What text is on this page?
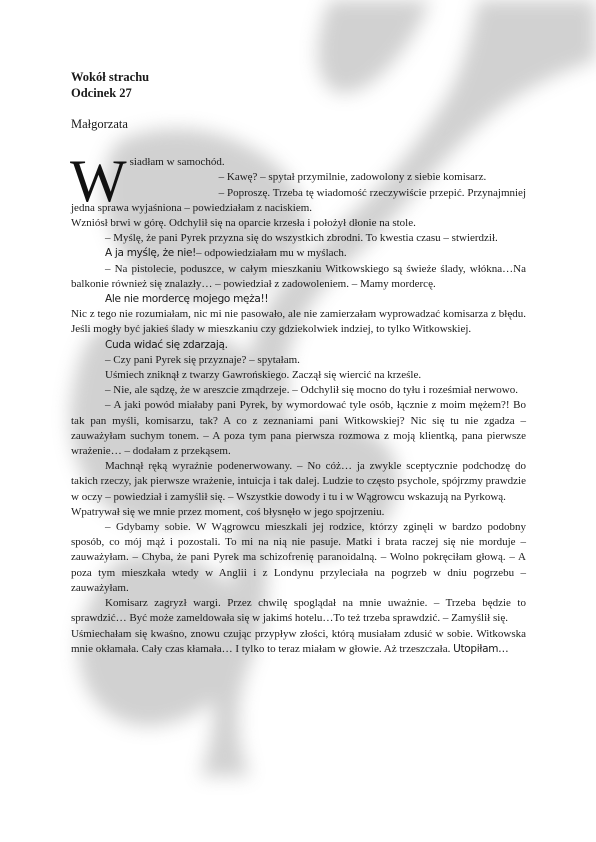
Wokół strachu
Odcinek 27
Małgorzata

Wsiadłam w samochód.

– Kawę? – spytał przymilnie, zadowolony z siebie komisarz.

– Poproszę. Trzeba tę wiadomość rzeczywiście przepić. Przynajmniej jedna sprawa wyjaśniona – powiedziałam z naciskiem.

Wzniósł brwi w górę. Odchylił się na oparcie krzesła i położył dłonie na stole.

– Myślę, że pani Pyrek przyzna się do wszystkich zbrodni. To kwestia czasu – stwierdził.

A ja myślę, że nie!– odpowiedziałam mu w myślach.

– Na pistolecie, poduszce, w całym mieszkaniu Witkowskiego są świeże ślady, włókna…Na balkonie również się znalazły… – powiedział z zadowoleniem. – Mamy mordercę.

Ale nie mordercę mojego męża!!

Nic z tego nie rozumiałam, nic mi nie pasowało, ale nie zamierzałam wyprowadzać komisarza z błędu. Jeśli mogły być jakieś ślady w mieszkaniu czy gdziekolwiek indziej, to tylko Witkowskiej.

Cuda widać się zdarzają.

– Czy pani Pyrek się przyznaje? – spytałam.

Uśmiech zniknął z twarzy Gawrońskiego. Zaczął się wiercić na krześle.

– Nie, ale sądzę, że w areszcie zmądrzeje. – Odchylił się mocno do tyłu i roześmiał nerwowo.

– A jaki powód miałaby pani Pyrek, by wymordować tyle osób, łącznie z moim mężem?! Bo tak pan myśli, komisarzu, tak? A co z zeznaniami pani Witkowskiej? Nic się tu nie zgadza – zauważyłam suchym tonem. – A poza tym pana pierwsza rozmowa z moją klientką, pana pierwsze wrażenie… – dodałam z przekąsem.

Machnął ręką wyraźnie podenerwowany. – No cóż… ja zwykle sceptycznie podchodzę do takich rzeczy, jak pierwsze wrażenie, intuicja i tak dalej. Ludzie to często psychole, spójrzmy prawdzie w oczy – powiedział i zamyślił się. – Wszystkie dowody i tu i w Wągrowcu wskazują na Pyrkową.

Wpatrywał się we mnie przez moment, coś błysnęło w jego spojrzeniu.

– Gdybamy sobie. W Wągrowcu mieszkali jej rodzice, którzy zginęli w bardzo podobny sposób, co mój mąż i pozostali. To mi na nią nie pasuje. Matki i brata raczej się nie morduje – zauważyłam. – Chyba, że pani Pyrek ma schizofrenię paranoidalną. – Wolno pokręciłam głową. – A poza tym mieszkała wtedy w Anglii i z Londynu przyleciała na pogrzeb w dniu pogrzebu – zauważyłam.

Komisarz zagryzł wargi. Przez chwilę spoglądał na mnie uważnie. – Trzeba będzie to sprawdzić… Być może zameldowała się w jakimś hotelu…To też trzeba sprawdzić. – Zamyślił się.

Uśmiechałam się kwaśno, znowu czując przypływ złości, którą musiałam zdusić w sobie. Witkowska mnie okłamała. Cały czas kłamała… I tylko to teraz miałam w głowie. Aż trzeszczała. Utopiłam…
